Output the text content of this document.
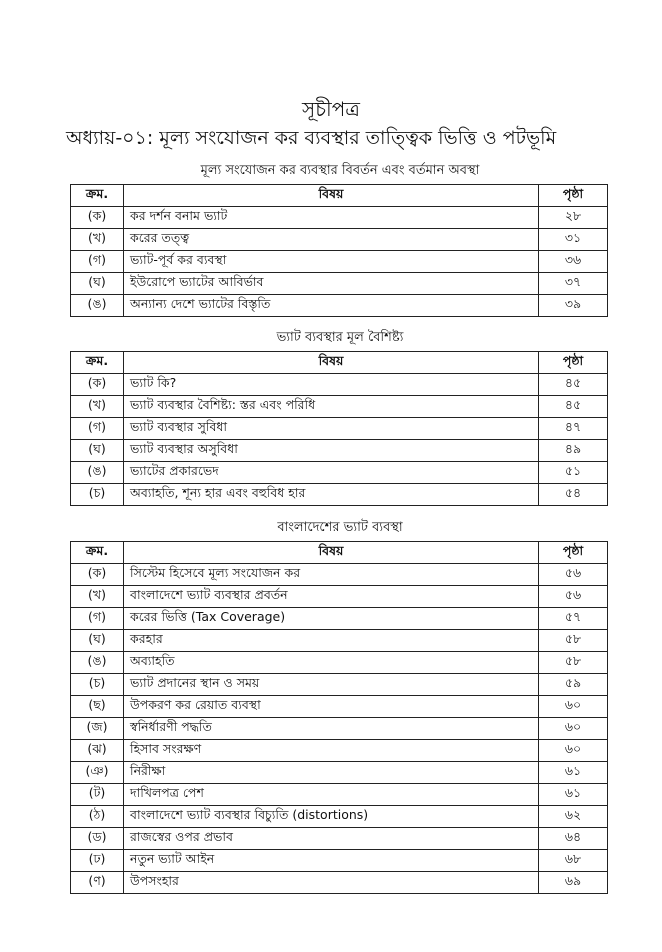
সূচীপত্র
অধ্যায়-০১: মূল্য সংযোজন কর ব্যবস্থার তাত্ত্বিক ভিত্তি ও পটভূমি
মূল্য সংযোজন কর ব্যবস্থার বিবর্তন এবং বর্তমান অবস্থা
ক্রম.	বিষয়	পৃষ্ঠা
(ক)	কর দর্শন বনাম ভ্যাট	২৮
(খ)	করের তত্ত্ব	৩১
(গ)	ভ্যাট-পূর্ব কর ব্যবস্থা	৩৬
(ঘ)	ইউরোপে ভ্যাটের আবির্ভাব	৩৭
(ঙ)	অন্যান্য দেশে ভ্যাটের বিস্তৃতি	৩৯
ভ্যাট ব্যবস্থার মূল বৈশিষ্ট্য
ক্রম.	বিষয়	পৃষ্ঠা
(ক)	ভ্যাট কি?	৪৫
(খ)	ভ্যাট ব্যবস্থার বৈশিষ্ট্য: স্তর এবং পরিধি	৪৫
(গ)	ভ্যাট ব্যবস্থার সুবিধা	৪৭
(ঘ)	ভ্যাট ব্যবস্থার অসুবিধা	৪৯
(ঙ)	ভ্যাটের প্রকারভেদ	৫১
(চ)	অব্যাহতি, শূন্য হার এবং বহুবিধ হার	৫৪
বাংলাদেশের ভ্যাট ব্যবস্থা
ক্রম.	বিষয়	পৃষ্ঠা
(ক)	সিস্টেম হিসেবে মূল্য সংযোজন কর	৫৬
(খ)	বাংলাদেশে ভ্যাট ব্যবস্থার প্রবর্তন	৫৬
(গ)	করের ভিত্তি (Tax Coverage)	৫৭
(ঘ)	করহার	৫৮
(ঙ)	অব্যাহতি	৫৮
(চ)	ভ্যাট প্রদানের স্থান ও সময়	৫৯
(ছ)	উপকরণ কর রেয়াত ব্যবস্থা	৬০
(জ)	স্বনির্ধারণী পদ্ধতি	৬০
(ঝ)	হিসাব সংরক্ষণ	৬০
(ঞ)	নিরীক্ষা	৬১
(ট)	দাখিলপত্র পেশ	৬১
(ঠ)	বাংলাদেশে ভ্যাট ব্যবস্থার বিচ্যুতি (distortions)	৬২
(ড)	রাজস্বের ওপর প্রভাব	৬৪
(ঢ)	নতুন ভ্যাট আইন	৬৮
(ণ)	উপসংহার	৬৯
